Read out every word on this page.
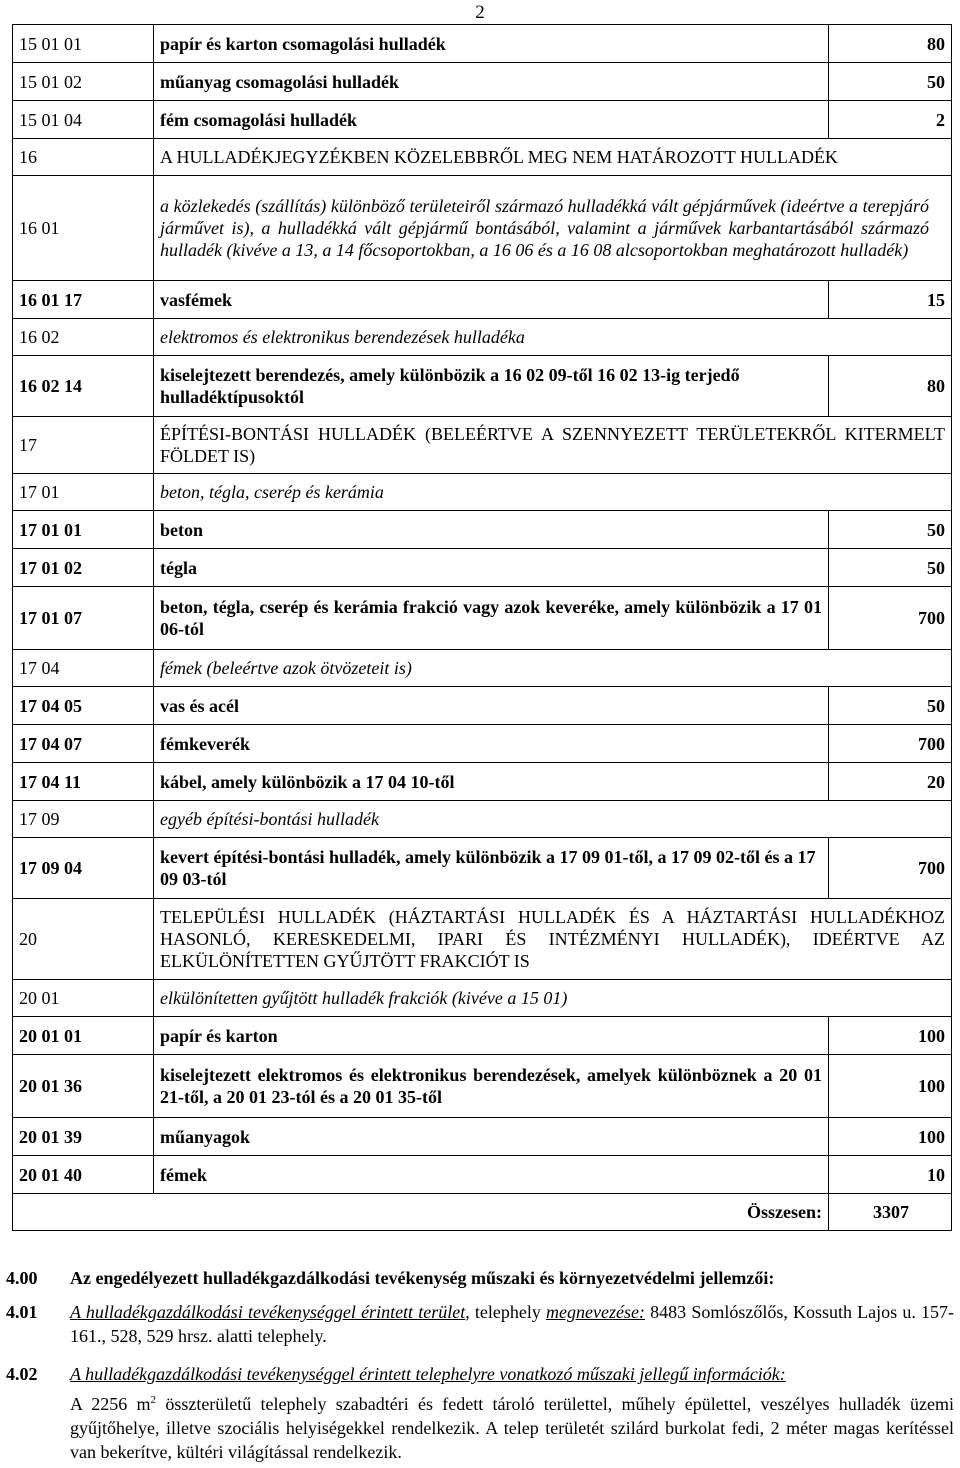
2
15 01 01	papír és karton csomagolási hulladék	80
15 01 02	műanyag csomagolási hulladék	50
15 01 04	fém csomagolási hulladék	2
16	A HULLADÉKJEGYZÉKBEN KÖZELEBBRŐL MEG NEM HATÁROZOTT HULLADÉK	
16 01	a közlekedés (szállítás) különböző területeiről származó hulladékká vált gépjárművek (ideértve a terepjáró járművet is), a hulladékká vált gépjármű bontásából, valamint a járművek karbantartásából származó hulladék (kivéve a 13, a 14 főcsoportokban, a 16 06 és a 16 08 alcsoportokban meghatározott hulladék)	
16 01 17	vasfémek	15
16 02	elektromos és elektronikus berendezések hulladéka	
16 02 14	kiselejtezett berendezés, amely különbözik a 16 02 09-től 16 02 13-ig terjedő hulladéktípusoktól	80
17	ÉPÍTÉSI-BONTÁSI HULLADÉK (BELEÉRTVE A SZENNYEZETT TERÜLETEKRŐL KITERMELT FÖLDET IS)	
17 01	beton, tégla, cserép és kerámia	
17 01 01	beton	50
17 01 02	tégla	50
17 01 07	beton, tégla, cserép és kerámia frakció vagy azok keveréke, amely különbözik a 17 01 06-tól	700
17 04	fémek (beleértve azok ötvözeteit is)	
17 04 05	vas és acél	50
17 04 07	fémkeverék	700
17 04 11	kábel, amely különbözik a 17 04 10-től	20
17 09	egyéb építési-bontási hulladék	
17 09 04	kevert építési-bontási hulladék, amely különbözik a 17 09 01-től, a 17 09 02-től és a 17 09 03-tól	700
20	TELEPÜLÉSI HULLADÉK (HÁZTARTÁSI HULLADÉK ÉS A HÁZTARTÁSI HULLADÉKHOZ HASONLÓ, KERESKEDELMI, IPARI ÉS INTÉZMÉNYI HULLADÉK), IDEÉRTVE AZ ELKÜLÖNÍTETTEN GYŰJTÖTT FRAKCIÓT IS	
20 01	elkülönítetten gyűjtött hulladék frakciók (kivéve a 15 01)	
20 01 01	papír és karton	100
20 01 36	kiselejtezett elektromos és elektronikus berendezések, amelyek különböznek a 20 01 21-től, a 20 01 23-tól és a 20 01 35-től	100
20 01 39	műanyagok	100
20 01 40	fémek	10
Összesen:		3307
4.00 Az engedélyezett hulladékgazdálkodási tevékenység műszaki és környezetvédelmi jellemzői:
4.01 A hulladékgazdálkodási tevékenységgel érintett terület, telephely megnevezése: 8483 Somlószőlős, Kossuth Lajos u. 157-161., 528, 529 hrsz. alatti telephely.
4.02 A hulladékgazdálkodási tevékenységgel érintett telephelyre vonatkozó műszaki jellegű információk:
A 2256 $m^2$ összterületű telephely szabadtéri és fedett tároló területtel, műhely épülettel, veszélyes hulladék üzemi gyűjtőhelye, illetve szociális helyiségekkel rendelkezik. A telep területét szilárd burkolat fedi, 2 méter magas kerítéssel van bekerítve, kültéri világítással rendelkezik.
